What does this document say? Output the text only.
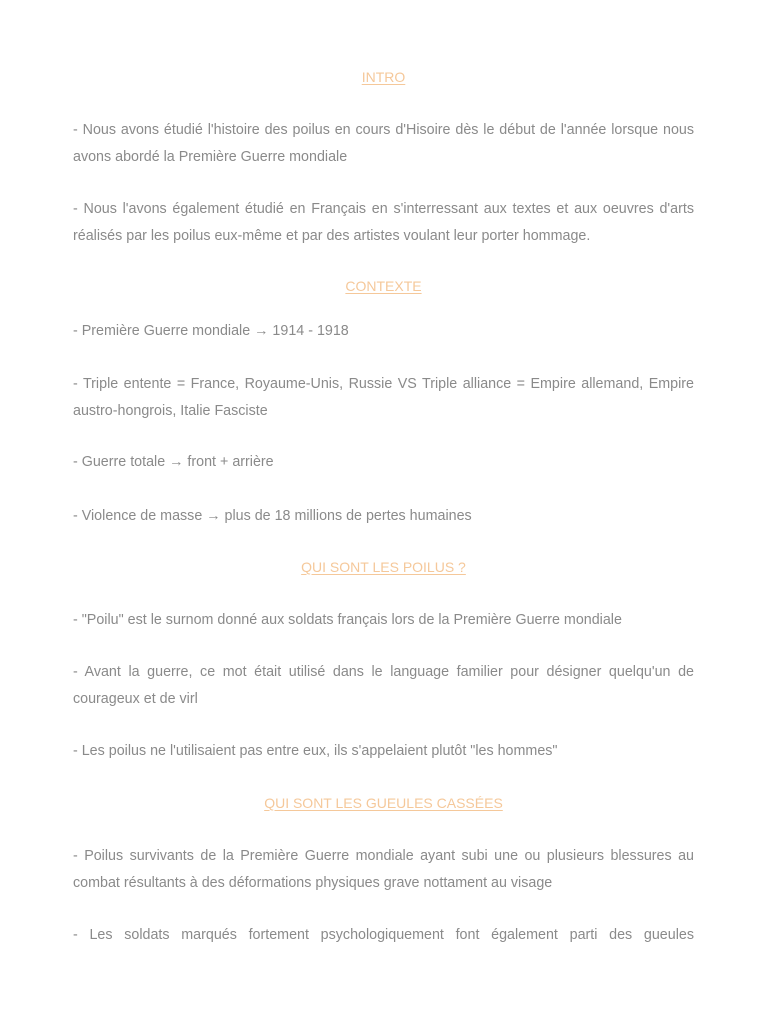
INTRO

- Nous avons étudié l'histoire des poilus en cours d'Hisoire dès le début de l'année lorsque nous avons abordé la Première Guerre mondiale

- Nous l'avons également étudié en Français en s'interressant aux textes et aux oeuvres d'arts réalisés par les poilus eux-même et par des artistes voulant leur porter hommage.

CONTEXTE

- Première Guerre mondiale → 1914 - 1918

- Triple entente = France, Royaume-Unis, Russie VS Triple alliance = Empire allemand, Empire austro-hongrois, Italie Fasciste

- Guerre totale → front + arrière

- Violence de masse → plus de 18 millions de pertes humaines

QUI SONT LES POILUS ?

- "Poilu" est le surnom donné aux soldats français lors de la Première Guerre mondiale

- Avant la guerre, ce mot était utilisé dans le language familier pour désigner quelqu'un de courageux et de virl

- Les poilus ne l'utilisaient pas entre eux, ils s'appelaient plutôt "les hommes"

QUI SONT LES GUEULES CASSÉES

- Poilus survivants de la Première Guerre mondiale ayant subi une ou plusieurs blessures au combat résultants à des déformations physiques grave nottament au visage

- Les soldats marqués fortement psychologiquement font également parti des gueules
